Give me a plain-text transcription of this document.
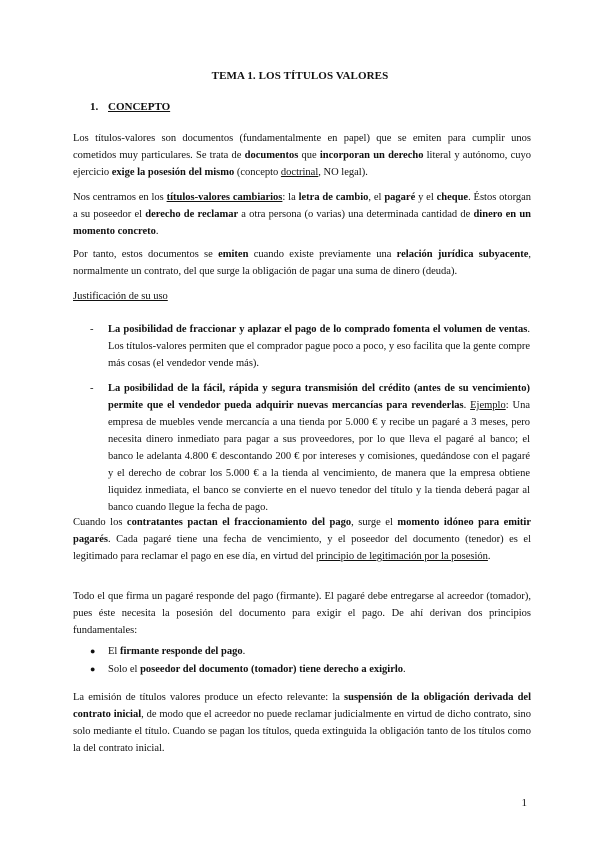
TEMA 1. LOS TÍTULOS VALORES
1. CONCEPTO
Los títulos-valores son documentos (fundamentalmente en papel) que se emiten para cumplir unos cometidos muy particulares. Se trata de documentos que incorporan un derecho literal y autónomo, cuyo ejercicio exige la posesión del mismo (concepto doctrinal, NO legal).
Nos centramos en los títulos-valores cambiarios: la letra de cambio, el pagaré y el cheque. Éstos otorgan a su poseedor el derecho de reclamar a otra persona (o varias) una determinada cantidad de dinero en un momento concreto.
Por tanto, estos documentos se emiten cuando existe previamente una relación jurídica subyacente, normalmente un contrato, del que surge la obligación de pagar una suma de dinero (deuda).
Justificación de su uso
- La posibilidad de fraccionar y aplazar el pago de lo comprado fomenta el volumen de ventas. Los títulos-valores permiten que el comprador pague poco a poco, y eso facilita que la gente compre más cosas (el vendedor vende más).
- La posibilidad de la fácil, rápida y segura transmisión del crédito (antes de su vencimiento) permite que el vendedor pueda adquirir nuevas mercancías para revenderlas. Ejemplo: Una empresa de muebles vende mercancía a una tienda por 5.000 € y recibe un pagaré a 3 meses, pero necesita dinero inmediato para pagar a sus proveedores, por lo que lleva el pagaré al banco; el banco le adelanta 4.800 € descontando 200 € por intereses y comisiones, quedándose con el pagaré y el derecho de cobrar los 5.000 € a la tienda al vencimiento, de manera que la empresa obtiene liquidez inmediata, el banco se convierte en el nuevo tenedor del título y la tienda deberá pagar al banco cuando llegue la fecha de pago.
Cuando los contratantes pactan el fraccionamiento del pago, surge el momento idóneo para emitir pagarés. Cada pagaré tiene una fecha de vencimiento, y el poseedor del documento (tenedor) es el legitimado para reclamar el pago en ese día, en virtud del principio de legitimación por la posesión.
Todo el que firma un pagaré responde del pago (firmante). El pagaré debe entregarse al acreedor (tomador), pues éste necesita la posesión del documento para exigir el pago. De ahí derivan dos principios fundamentales:
● El firmante responde del pago.
● Solo el poseedor del documento (tomador) tiene derecho a exigirlo.
La emisión de títulos valores produce un efecto relevante: la suspensión de la obligación derivada del contrato inicial, de modo que el acreedor no puede reclamar judicialmente en virtud de dicho contrato, sino solo mediante el título. Cuando se pagan los títulos, queda extinguida la obligación tanto de los títulos como la del contrato inicial.
1
